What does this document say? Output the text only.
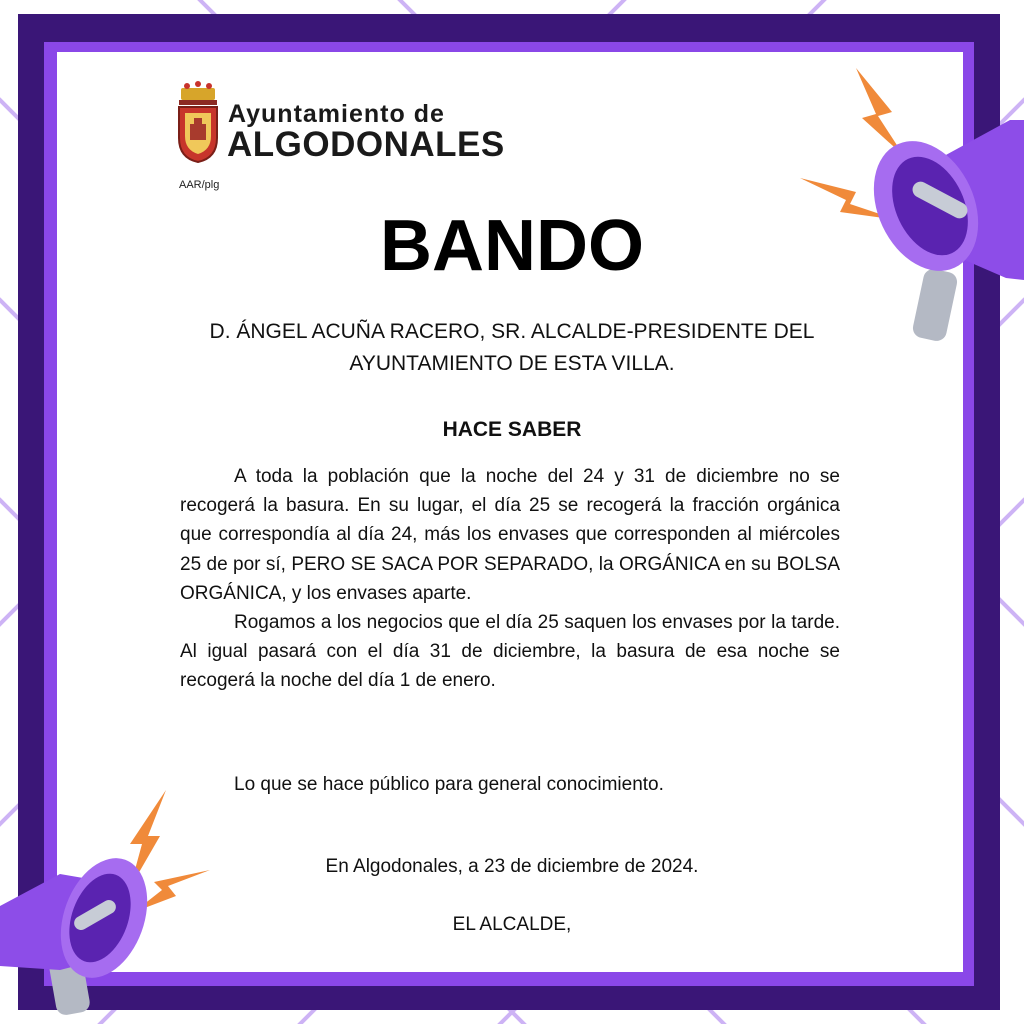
Ayuntamiento de
ALGODONALES
AAR/plg
BANDO
D. ÁNGEL ACUÑA RACERO, SR. ALCALDE-PRESIDENTE DEL AYUNTAMIENTO DE ESTA VILLA.
HACE SABER

A toda la población que la noche del 24 y 31 de diciembre no se recogerá la basura. En su lugar, el día 25 se recogerá la fracción orgánica que correspondía al día 24, más los envases que corresponden al miércoles 25 de por sí, PERO SE SACA POR SEPARADO, la ORGÁNICA en su BOLSA ORGÁNICA, y los envases aparte.

Rogamos a los negocios que el día 25 saquen los envases por la tarde. Al igual pasará con el día 31 de diciembre, la basura de esa noche se recogerá la noche del día 1 de enero.

Lo que se hace público para general conocimiento.
En Algodonales, a 23 de diciembre de 2024.
EL ALCALDE,
